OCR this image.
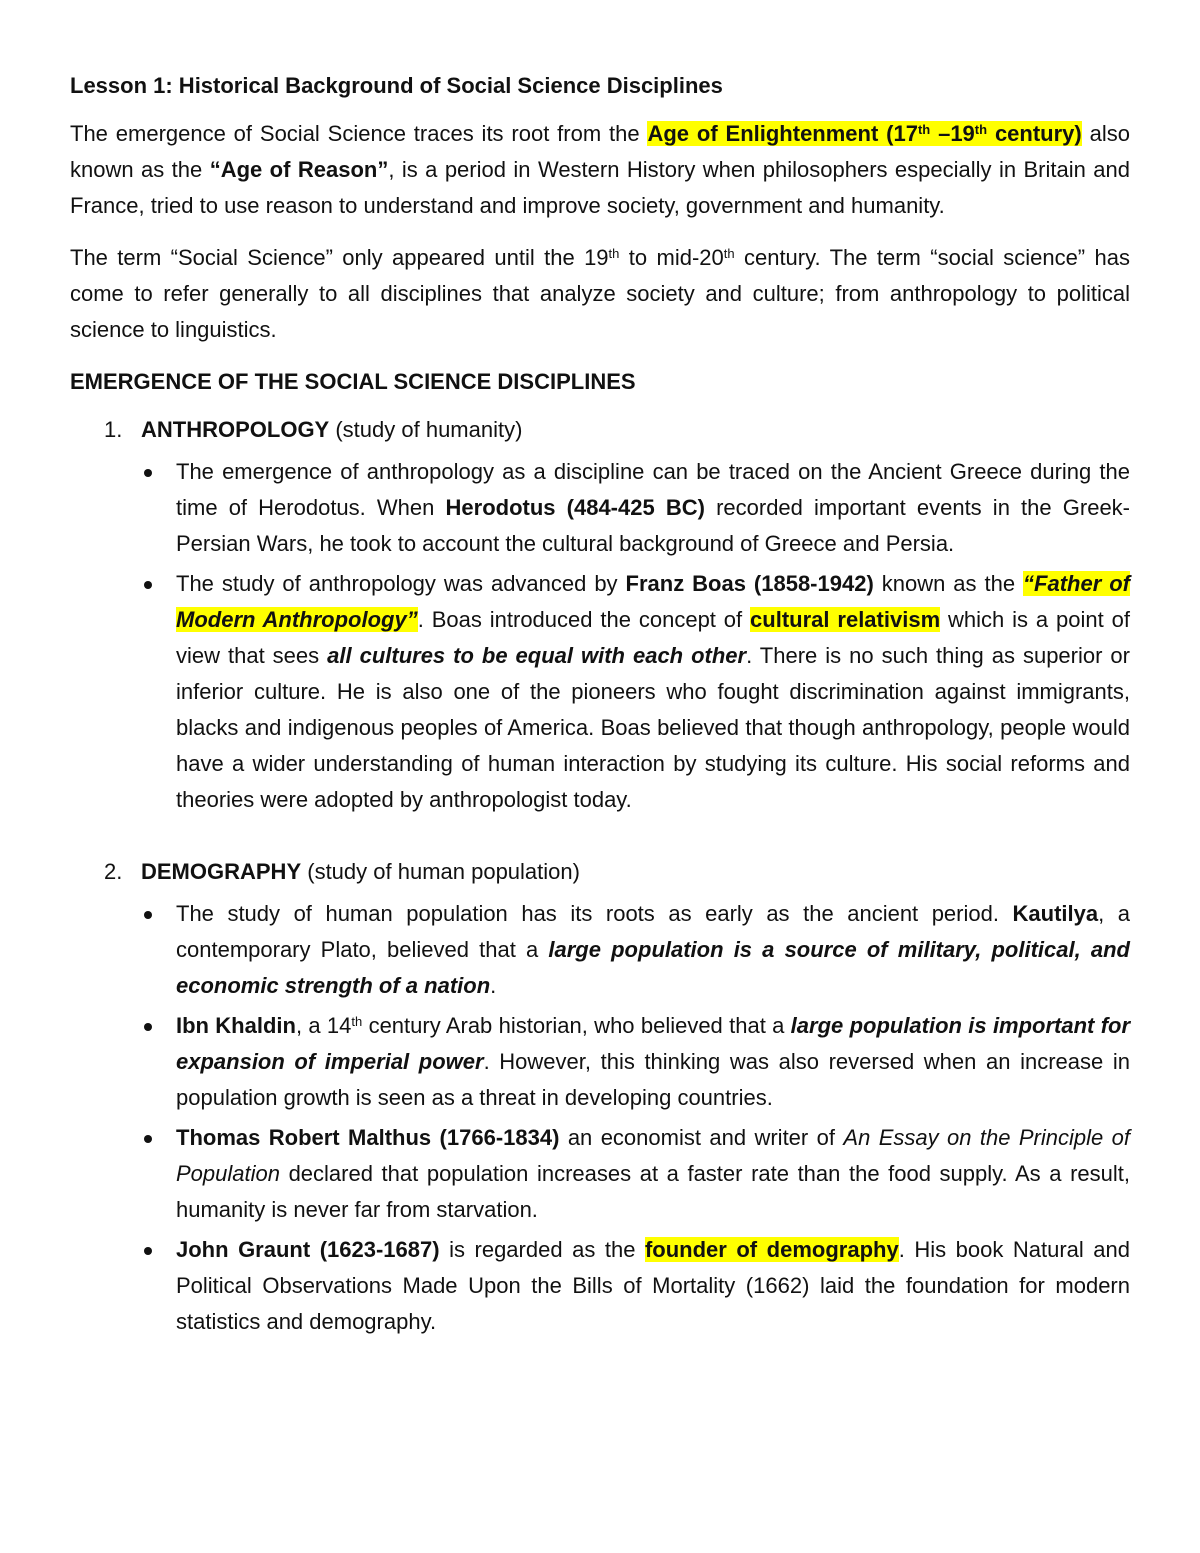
Lesson 1: Historical Background of Social Science Disciplines

The emergence of Social Science traces its root from the Age of Enlightenment (17th –19th century) also known as the “Age of Reason”, is a period in Western History when philosophers especially in Britain and France, tried to use reason to understand and improve society, government and humanity.

The term “Social Science” only appeared until the 19th to mid-20th century. The term “social science” has come to refer generally to all disciplines that analyze society and culture; from anthropology to political science to linguistics.

EMERGENCE OF THE SOCIAL SCIENCE DISCIPLINES

1. ANTHROPOLOGY (study of humanity)
The emergence of anthropology as a discipline can be traced on the Ancient Greece during the time of Herodotus. When Herodotus (484-425 BC) recorded important events in the Greek-Persian Wars, he took to account the cultural background of Greece and Persia.
The study of anthropology was advanced by Franz Boas (1858-1942) known as the “Father of Modern Anthropology”. Boas introduced the concept of cultural relativism which is a point of view that sees all cultures to be equal with each other. There is no such thing as superior or inferior culture. He is also one of the pioneers who fought discrimination against immigrants, blacks and indigenous peoples of America. Boas believed that though anthropology, people would have a wider understanding of human interaction by studying its culture. His social reforms and theories were adopted by anthropologist today.
2. DEMOGRAPHY (study of human population)
The study of human population has its roots as early as the ancient period. Kautilya, a contemporary Plato, believed that a large population is a source of military, political, and economic strength of a nation.
Ibn Khaldin, a 14th century Arab historian, who believed that a large population is important for expansion of imperial power. However, this thinking was also reversed when an increase in population growth is seen as a threat in developing countries.
Thomas Robert Malthus (1766-1834) an economist and writer of An Essay on the Principle of Population declared that population increases at a faster rate than the food supply. As a result, humanity is never far from starvation.
John Graunt (1623-1687) is regarded as the founder of demography. His book Natural and Political Observations Made Upon the Bills of Mortality (1662) laid the foundation for modern statistics and demography.
